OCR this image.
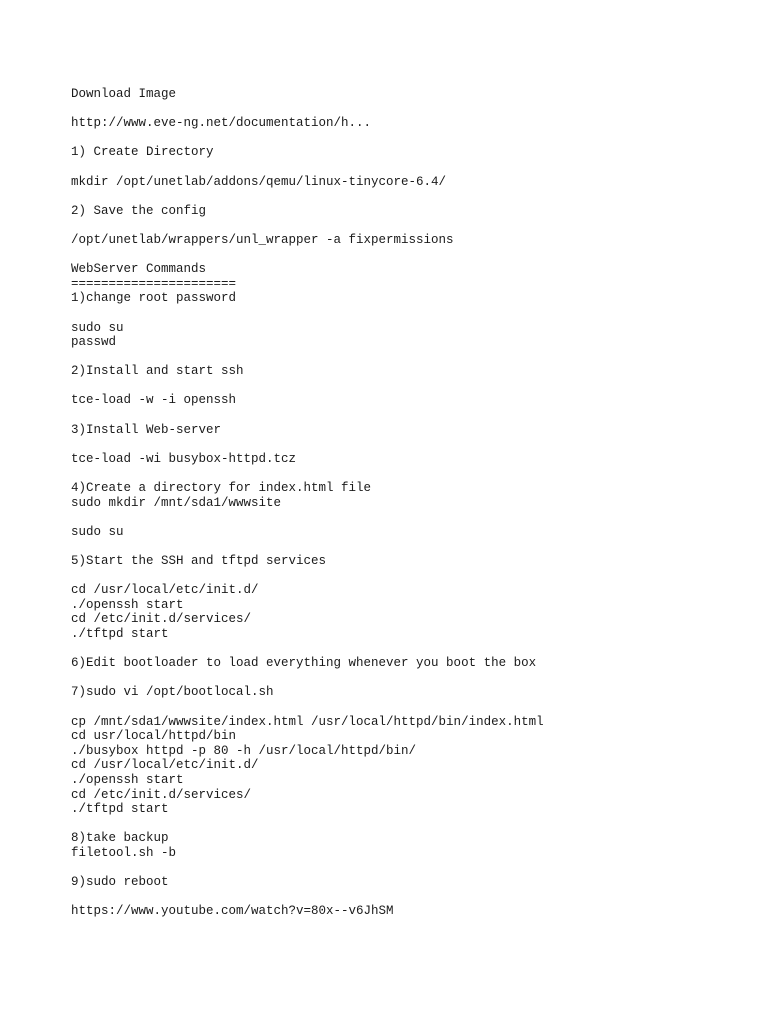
Download Image
http://www.eve-ng.net/documentation/h...
1) Create Directory
mkdir /opt/unetlab/addons/qemu/linux-tinycore-6.4/
2) Save the config
/opt/unetlab/wrappers/unl_wrapper -a fixpermissions
WebServer Commands
======================
1)change root password
sudo su
passwd
2)Install and start ssh
tce-load -w -i openssh
3)Install Web-server
tce-load -wi busybox-httpd.tcz
4)Create a directory for index.html file
sudo mkdir /mnt/sda1/wwwsite
sudo su
5)Start the SSH and tftpd services
cd /usr/local/etc/init.d/
./openssh start
cd /etc/init.d/services/
./tftpd start
6)Edit bootloader to load everything whenever you boot the box
7)sudo vi /opt/bootlocal.sh
cp /mnt/sda1/wwwsite/index.html /usr/local/httpd/bin/index.html
cd usr/local/httpd/bin
./busybox httpd -p 80 -h /usr/local/httpd/bin/
cd /usr/local/etc/init.d/
./openssh start
cd /etc/init.d/services/
./tftpd start
8)take backup
filetool.sh -b
9)sudo reboot
https://www.youtube.com/watch?v=80x--v6JhSM
